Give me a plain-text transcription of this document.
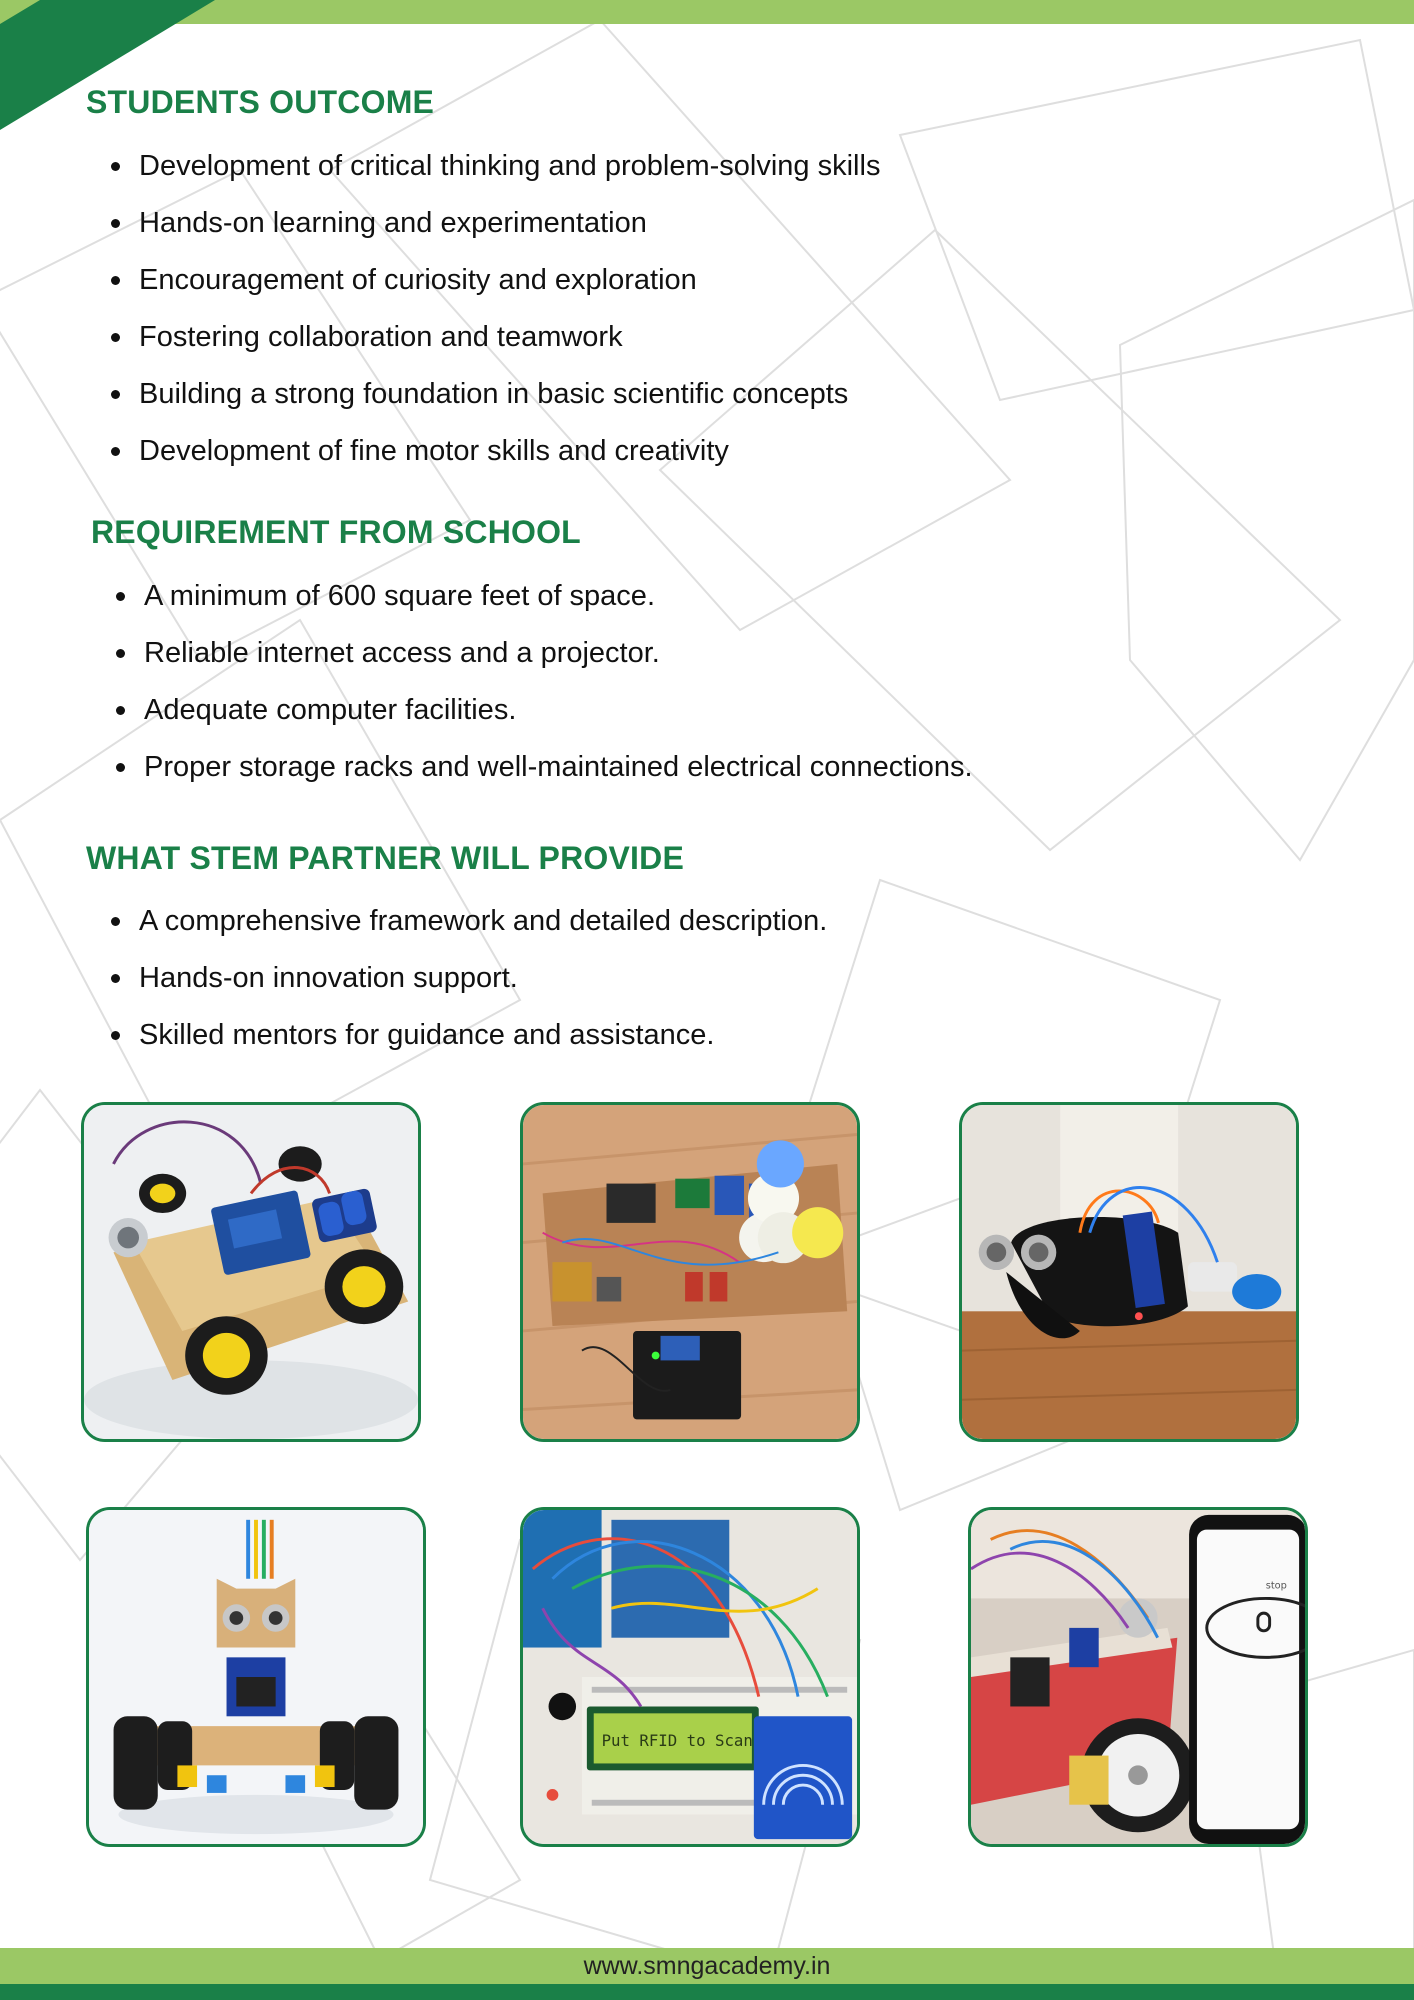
STUDENTS OUTCOME
Development of critical thinking and problem-solving skills
Hands-on learning and experimentation
Encouragement of curiosity and exploration
Fostering collaboration and teamwork
Building a strong foundation in basic scientific concepts
Development of fine motor skills and creativity
REQUIREMENT FROM SCHOOL
A minimum of 600 square feet of space.
Reliable internet access and a projector.
Adequate computer facilities.
Proper storage racks and well-maintained electrical connections.
WHAT STEM PARTNER WILL PROVIDE
A comprehensive framework and detailed description.
Hands-on innovation support.
Skilled mentors for guidance and assistance.
Put RFID to Scan
stop
www.smngacademy.in
